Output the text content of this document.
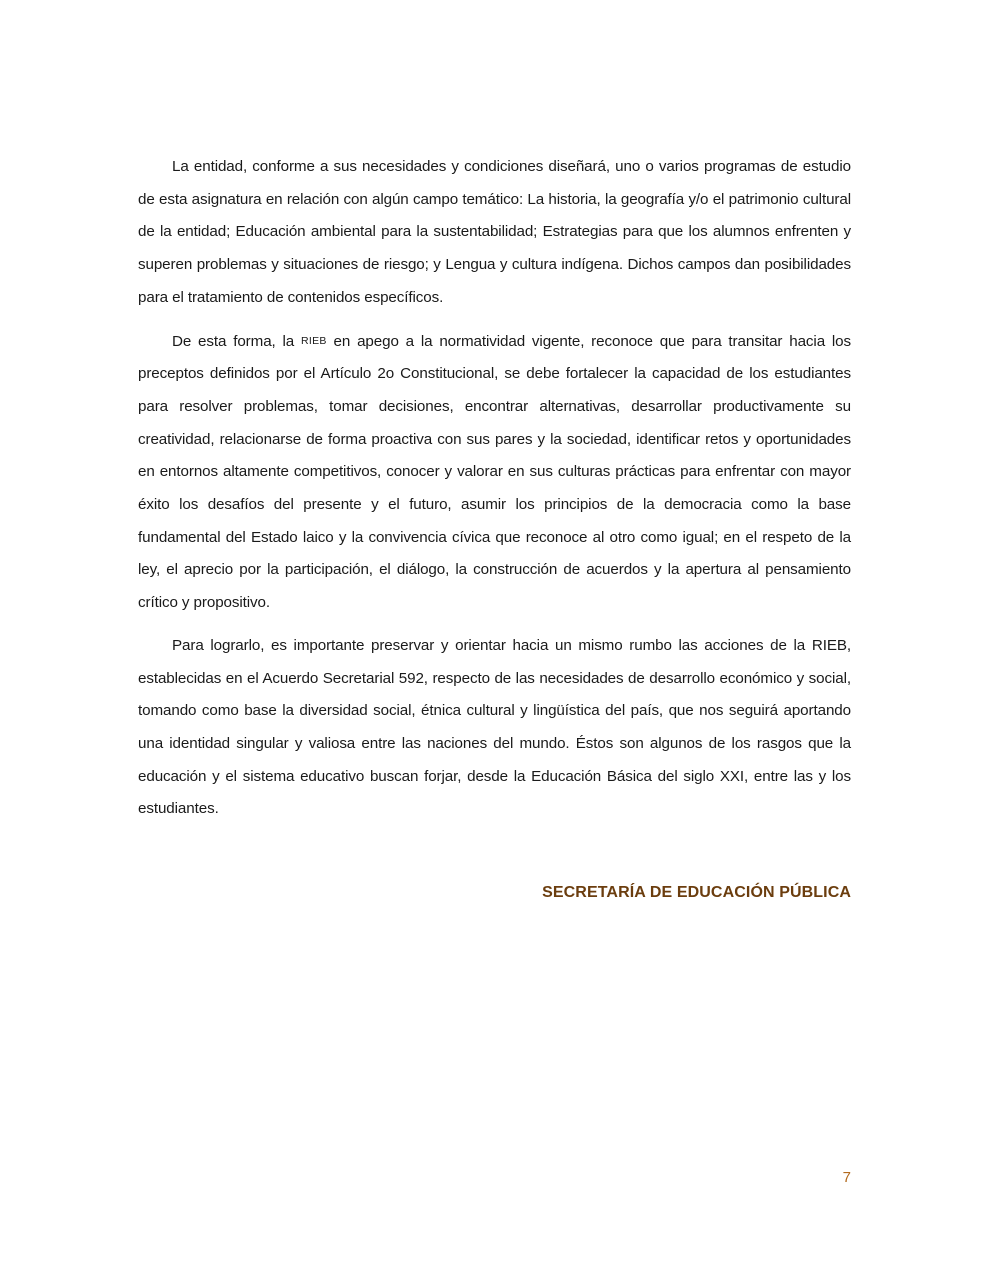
La entidad, conforme a sus necesidades y condiciones diseñará, uno o varios programas de estudio de esta asignatura en relación con algún campo temático: La historia, la geografía y/o el patrimonio cultural de la entidad; Educación ambiental para la sustentabilidad; Estrategias para que los alumnos enfrenten y superen problemas y situaciones de riesgo; y Lengua y cultura indígena. Dichos campos dan posibilidades para el tratamiento de contenidos específicos.

De esta forma, la RIEB en apego a la normatividad vigente, reconoce que para transitar hacia los preceptos definidos por el Artículo 2o Constitucional, se debe fortalecer la capacidad de los estudiantes para resolver problemas, tomar decisiones, encontrar alternativas, desarrollar productivamente su creatividad, relacionarse de forma proactiva con sus pares y la sociedad, identificar retos y oportunidades en entornos altamente competitivos, conocer y valorar en sus culturas prácticas para enfrentar con mayor éxito los desafíos del presente y el futuro, asumir los principios de la democracia como la base fundamental del Estado laico y la convivencia cívica que reconoce al otro como igual; en el respeto de la ley, el aprecio por la participación, el diálogo, la construcción de acuerdos y la apertura al pensamiento crítico y propositivo.

Para lograrlo, es importante preservar y orientar hacia un mismo rumbo las acciones de la RIEB, establecidas en el Acuerdo Secretarial 592, respecto de las necesidades de desarrollo económico y social, tomando como base la diversidad social, étnica cultural y lingüística del país, que nos seguirá aportando una identidad singular y valiosa entre las naciones del mundo. Éstos son algunos de los rasgos que la educación y el sistema educativo buscan forjar, desde la Educación Básica del siglo XXI, entre las y los estudiantes.

SECRETARÍA DE EDUCACIÓN PÚBLICA
7
